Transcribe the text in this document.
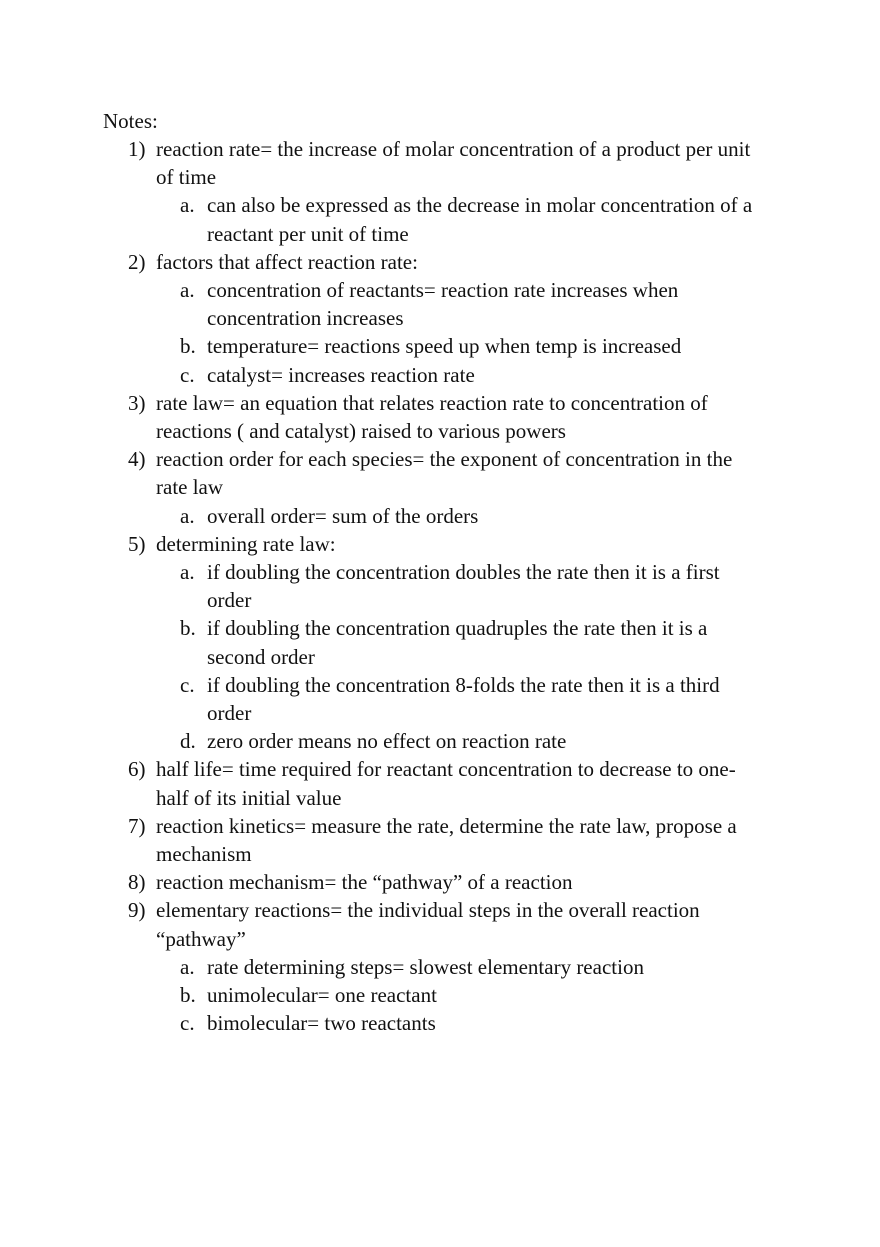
Notes:

1) reaction rate= the increase of molar concentration of a product per unit of time
a. can also be expressed as the decrease in molar concentration of a reactant per unit of time
2) factors that affect reaction rate:
a. concentration of reactants= reaction rate increases when concentration increases
b. temperature= reactions speed up when temp is increased
c. catalyst= increases reaction rate
3) rate law= an equation that relates reaction rate to concentration of reactions ( and catalyst) raised to various powers
4) reaction order for each species= the exponent of concentration in the rate law
a. overall order= sum of the orders
5) determining rate law:
a. if doubling the concentration doubles the rate then it is a first order
b. if doubling the concentration quadruples the rate then it is a second order
c. if doubling the concentration 8-folds the rate then it is a third order
d. zero order means no effect on reaction rate
6) half life= time required for reactant concentration to decrease to one-half of its initial value
7) reaction kinetics= measure the rate, determine the rate law, propose a mechanism
8) reaction mechanism= the “pathway” of a reaction
9) elementary reactions= the individual steps in the overall reaction “pathway”
a. rate determining steps= slowest elementary reaction
b. unimolecular= one reactant
c. bimolecular= two reactants
